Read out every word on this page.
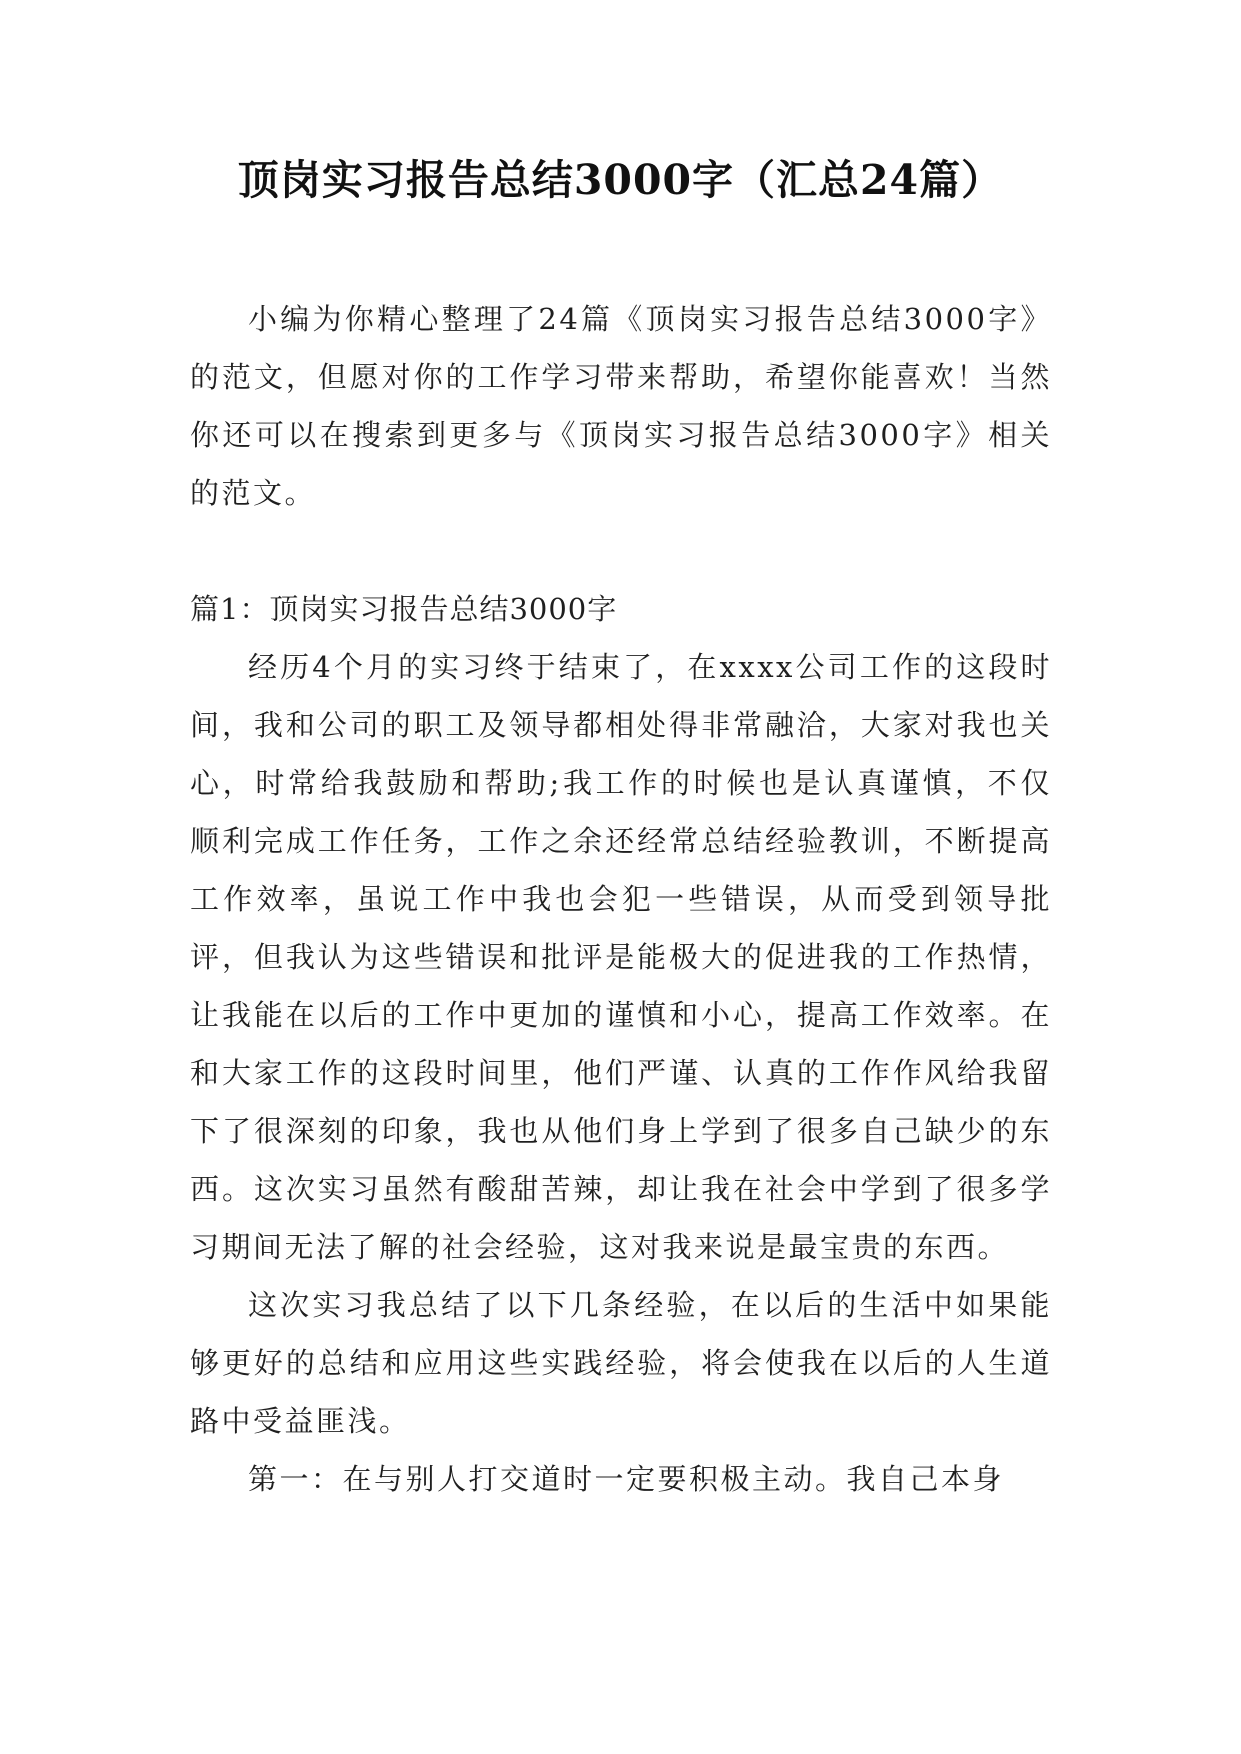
顶岗实习报告总结3000字（汇总24篇）

小编为你精心整理了24篇《顶岗实习报告总结3000字》的范文，但愿对你的工作学习带来帮助，希望你能喜欢！当然你还可以在搜索到更多与《顶岗实习报告总结3000字》相关的范文。

篇1：顶岗实习报告总结3000字

经历4个月的实习终于结束了，在xxxx公司工作的这段时间，我和公司的职工及领导都相处得非常融洽，大家对我也关心，时常给我鼓励和帮助;我工作的时候也是认真谨慎，不仅顺利完成工作任务，工作之余还经常总结经验教训，不断提高工作效率，虽说工作中我也会犯一些错误，从而受到领导批评，但我认为这些错误和批评是能极大的促进我的工作热情，让我能在以后的工作中更加的谨慎和小心，提高工作效率。在和大家工作的这段时间里，他们严谨、认真的工作作风给我留下了很深刻的印象，我也从他们身上学到了很多自己缺少的东西。这次实习虽然有酸甜苦辣，却让我在社会中学到了很多学习期间无法了解的社会经验，这对我来说是最宝贵的东西。

这次实习我总结了以下几条经验，在以后的生活中如果能够更好的总结和应用这些实践经验，将会使我在以后的人生道路中受益匪浅。

第一：在与别人打交道时一定要积极主动。我自己本身
